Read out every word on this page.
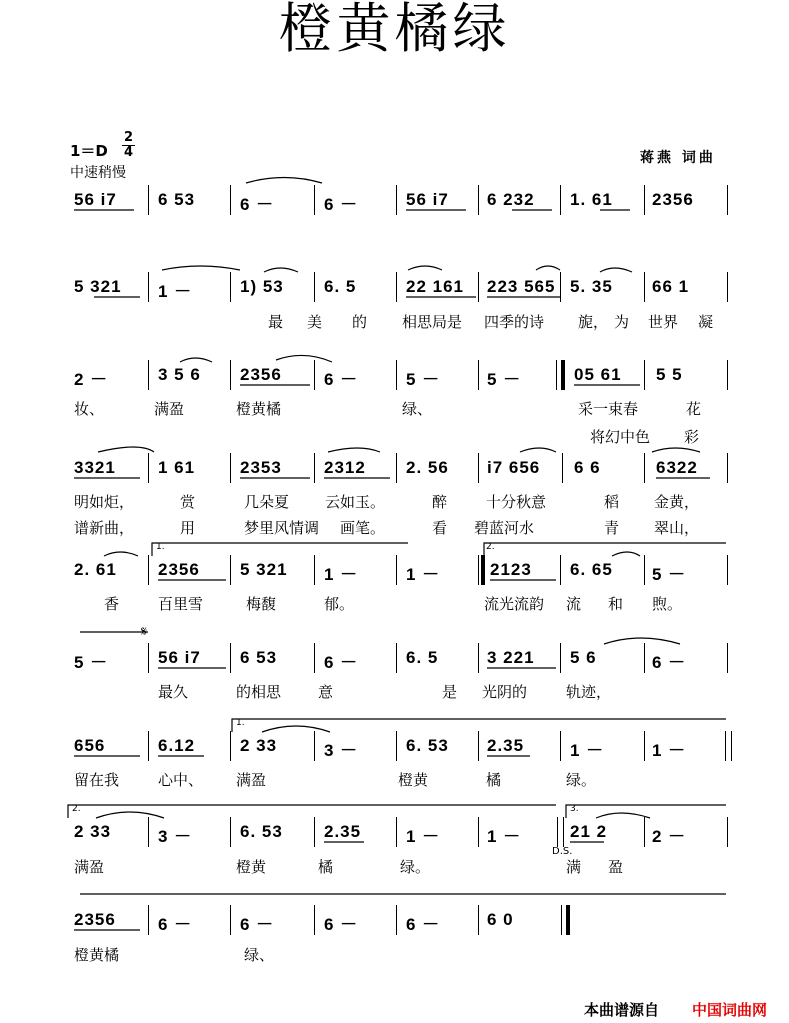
橙黄橘绿
1＝D
2
4
中速稍慢
蒋燕 词曲
56 i7 6 53	6 －	6 －	56 i7 6 232 1. 61 2356
5 321 1 －	1) 53 6. 5	22 161 223 565 5. 35 66 1
最 美 的 相思局是 四季的诗 旎， 为 世界 凝
2 －	3 5 6 2356 6 －	5 －	5 －	05 61 5 5
妆、	满盈	橙黄橘	绿、	采一束春	花
将幻中色 彩
3321 1 61	2353 2312 2. 56 i7 656 6 6	6322
明如炬，	赏	几朵夏 云如玉。	醉	十分秋意	稻 金黄，
谱新曲，	用	梦里风情调 画笔。	看 碧蓝河水	青 翠山，
1.	2.
2. 61 2356 5 321 1 －	1 －	2123 6. 65 5 －
香	百里雪	梅馥	郁。	流光流韵 流 和 煦。
𝄋
5 －	56 i7 6 53	6 －	6. 5	3 221 5 6	6 －
最久	的相思 意	是 光阴的	轨迹，
1.
656	6.12	2 33	3 －	6. 53 2.35	1 －	1 －
留在我	心中、 满盈	橙黄	橘	绿。
2.	3.
2 33	3 －	6. 53 2.35	1 －	1 －	21 2	2 －
D.S.
满盈	橙黄	橘	绿。	满 盈
2356 6 －	6 －	6 －	6 －	6 0
橙黄橘	绿、
本曲谱源自 中国词曲网
